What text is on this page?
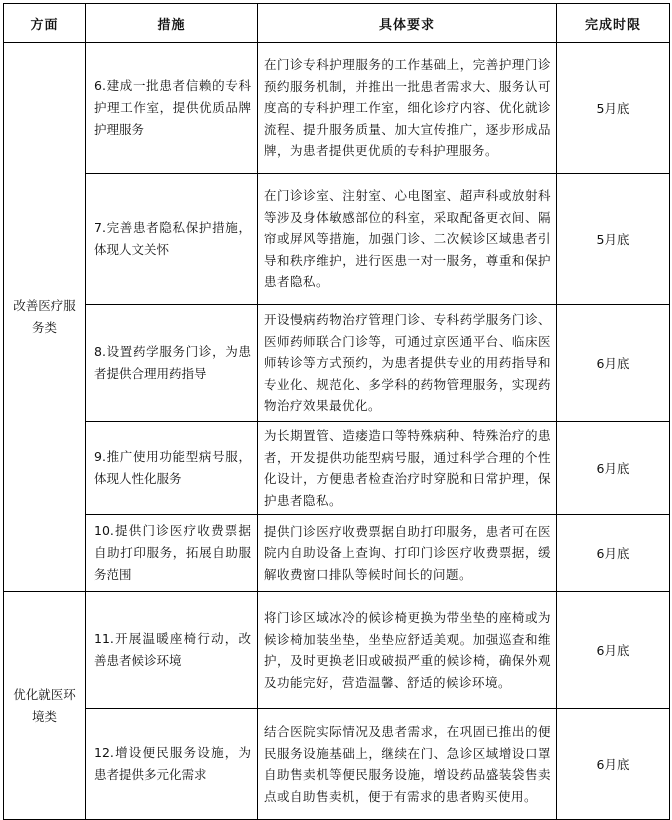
方面	措施	具体要求	完成时限
改善医疗服务类	6.建成一批患者信赖的专科护理工作室，提供优质品牌护理服务	在门诊专科护理服务的工作基础上，完善护理门诊预约服务机制，并推出一批患者需求大、服务认可度高的专科护理工作室，细化诊疗内容、优化就诊流程、提升服务质量、加大宣传推广，逐步形成品牌，为患者提供更优质的专科护理服务。	5月底
	7.完善患者隐私保护措施，体现人文关怀	在门诊诊室、注射室、心电图室、超声科或放射科等涉及身体敏感部位的科室，采取配备更衣间、隔帘或屏风等措施，加强门诊、二次候诊区域患者引导和秩序维护，进行医患一对一服务，尊重和保护患者隐私。	5月底
	8.设置药学服务门诊，为患者提供合理用药指导	开设慢病药物治疗管理门诊、专科药学服务门诊、医师药师联合门诊等，可通过京医通平台、临床医师转诊等方式预约，为患者提供专业的用药指导和专业化、规范化、多学科的药物管理服务，实现药物治疗效果最优化。	6月底
	9.推广使用功能型病号服，体现人性化服务	为长期置管、造瘘造口等特殊病种、特殊治疗的患者，开发提供功能型病号服，通过科学合理的个性化设计，方便患者检查治疗时穿脱和日常护理，保护患者隐私。	6月底
	10.提供门诊医疗收费票据自助打印服务，拓展自助服务范围	提供门诊医疗收费票据自助打印服务，患者可在医院内自助设备上查询、打印门诊医疗收费票据，缓解收费窗口排队等候时间长的问题。	6月底
优化就医环境类	11.开展温暖座椅行动，改善患者候诊环境	将门诊区域冰冷的候诊椅更换为带坐垫的座椅或为候诊椅加装坐垫，坐垫应舒适美观。加强巡查和维护，及时更换老旧或破损严重的候诊椅，确保外观及功能完好，营造温馨、舒适的候诊环境。	6月底
	12.增设便民服务设施，为患者提供多元化需求	结合医院实际情况及患者需求，在巩固已推出的便民服务设施基础上，继续在门、急诊区域增设口罩自助售卖机等便民服务设施，增设药品盛装袋售卖点或自助售卖机，便于有需求的患者购买使用。	6月底
